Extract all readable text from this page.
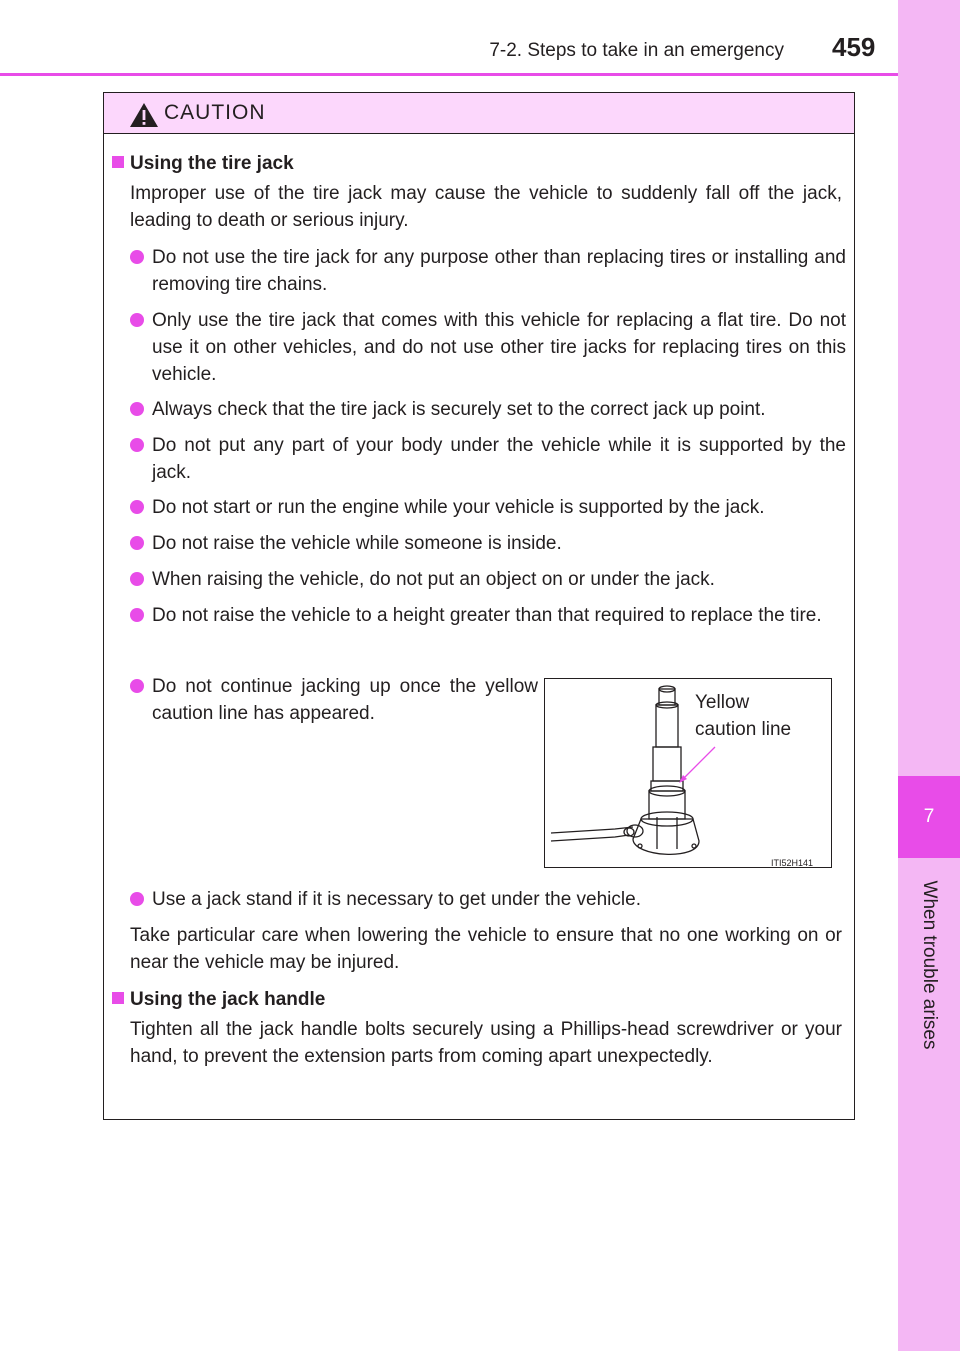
7
When trouble arises
7-2. Steps to take in an emergency 459
CAUTION
Using the tire jack
Improper use of the tire jack may cause the vehicle to suddenly fall off the jack, leading to death or serious injury.
Do not use the tire jack for any purpose other than replacing tires or installing and removing tire chains.
Only use the tire jack that comes with this vehicle for replacing a flat tire. Do not use it on other vehicles, and do not use other tire jacks for replacing tires on this vehicle.
Always check that the tire jack is securely set to the correct jack up point.
Do not put any part of your body under the vehicle while it is supported by the jack.
Do not start or run the engine while your vehicle is supported by the jack.
Do not raise the vehicle while someone is inside.
When raising the vehicle, do not put an object on or under the jack.
Do not raise the vehicle to a height greater than that required to replace the tire.
Do not continue jacking up once the yellow caution line has appeared.
Yellow
caution line
ITI52H141
Use a jack stand if it is necessary to get under the vehicle.
Take particular care when lowering the vehicle to ensure that no one working on or near the vehicle may be injured.
Using the jack handle
Tighten all the jack handle bolts securely using a Phillips-head screwdriver or your hand, to prevent the extension parts from coming apart unexpectedly.
